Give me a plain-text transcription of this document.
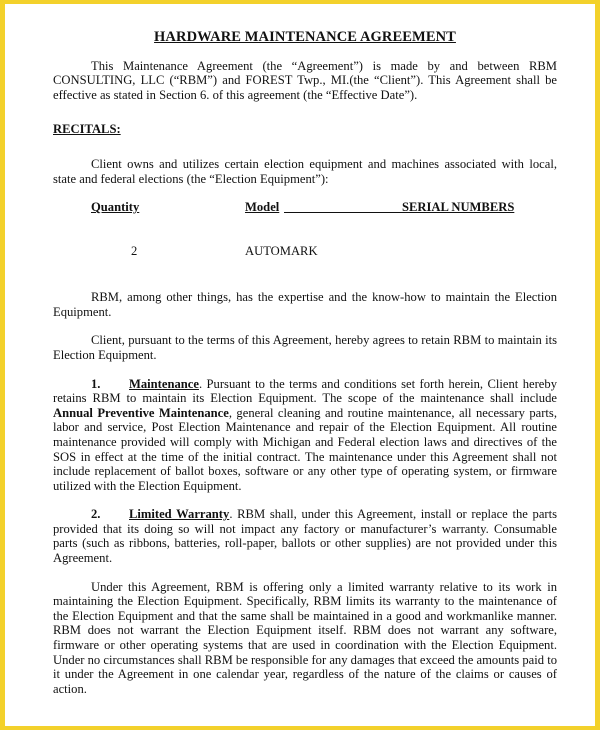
HARDWARE MAINTENANCE AGREEMENT

This Maintenance Agreement (the “Agreement”) is made by and between RBM CONSULTING, LLC (“RBM”) and FOREST Twp., MI.(the “Client”). This Agreement shall be effective as stated in Section 6. of this agreement (the “Effective Date”).

RECITALS:

Client owns and utilizes certain election equipment and machines associated with local, state and federal elections (the “Election Equipment”):

Quantity	Model	SERIAL NUMBERS
2	AUTOMARK

RBM, among other things, has the expertise and the know-how to maintain the Election Equipment.

Client, pursuant to the terms of this Agreement, hereby agrees to retain RBM to maintain its Election Equipment.

1. Maintenance. Pursuant to the terms and conditions set forth herein, Client hereby retains RBM to maintain its Election Equipment. The scope of the maintenance shall include Annual Preventive Maintenance, general cleaning and routine maintenance, all necessary parts, labor and service, Post Election Maintenance and repair of the Election Equipment. All routine maintenance provided will comply with Michigan and Federal election laws and directives of the SOS in effect at the time of the initial contract. The maintenance under this Agreement shall not include replacement of ballot boxes, software or any other type of operating system, or firmware utilized with the Election Equipment.

2. Limited Warranty. RBM shall, under this Agreement, install or replace the parts provided that its doing so will not impact any factory or manufacturer’s warranty. Consumable parts (such as ribbons, batteries, roll-paper, ballots or other supplies) are not provided under this Agreement.

Under this Agreement, RBM is offering only a limited warranty relative to its work in maintaining the Election Equipment. Specifically, RBM limits its warranty to the maintenance of the Election Equipment and that the same shall be maintained in a good and workmanlike manner. RBM does not warrant the Election Equipment itself. RBM does not warrant any software, firmware or other operating systems that are used in coordination with the Election Equipment. Under no circumstances shall RBM be responsible for any damages that exceed the amounts paid to it under the Agreement in one calendar year, regardless of the nature of the claims or causes of action.
